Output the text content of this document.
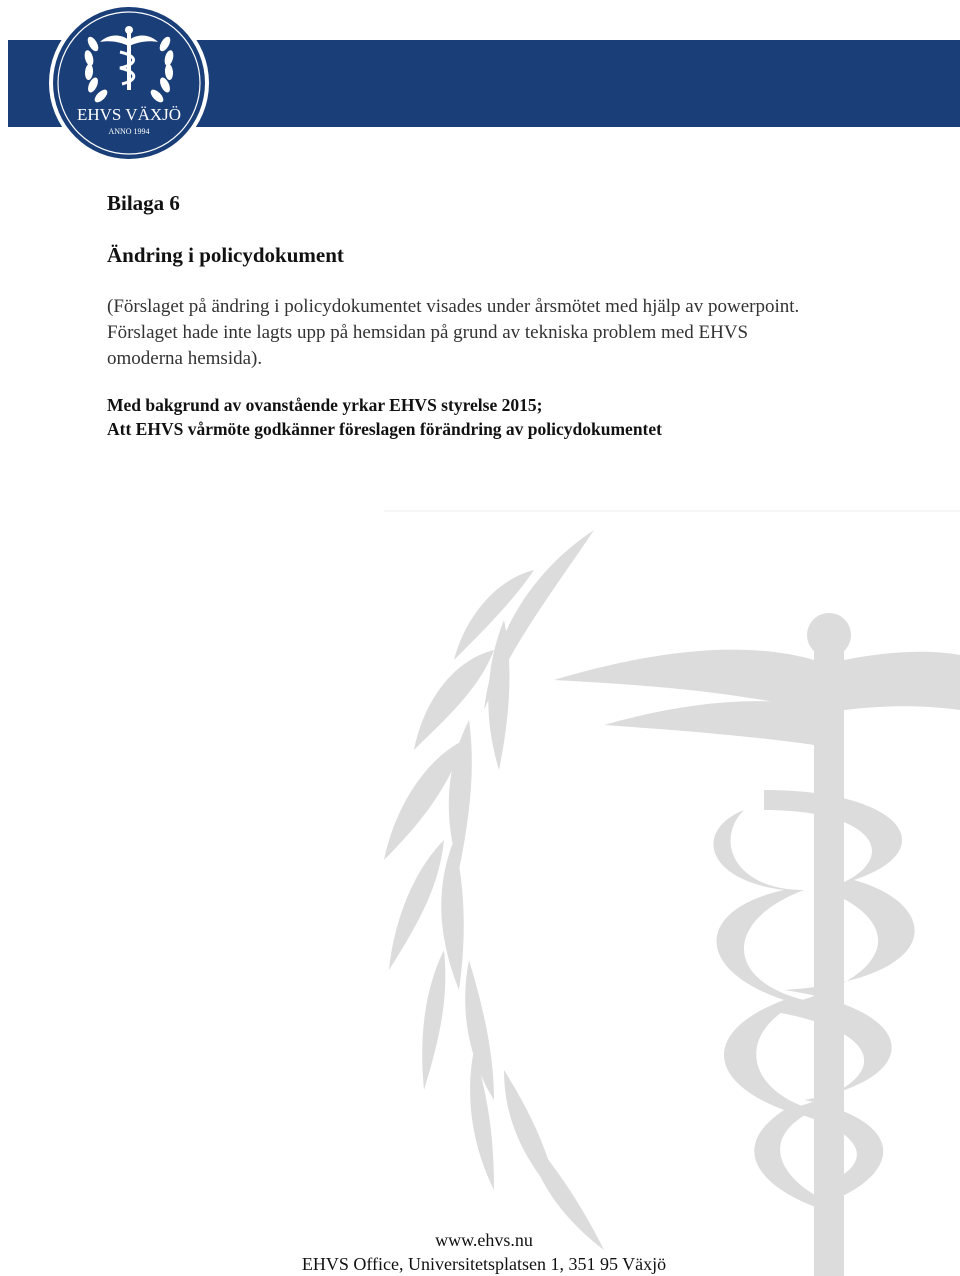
EHVS VÄXJÖ
ANNO 1994
Bilaga 6
Ändring i policydokument

(Förslaget på ändring i policydokumentet visades under årsmötet med hjälp av powerpoint. Förslaget hade inte lagts upp på hemsidan på grund av tekniska problem med EHVS omoderna hemsida).

Med bakgrund av ovanstående yrkar EHVS styrelse 2015;
Att EHVS vårmöte godkänner föreslagen förändring av policydokumentet
www.ehvs.nu
EHVS Office, Universitetsplatsen 1, 351 95 Växjö
